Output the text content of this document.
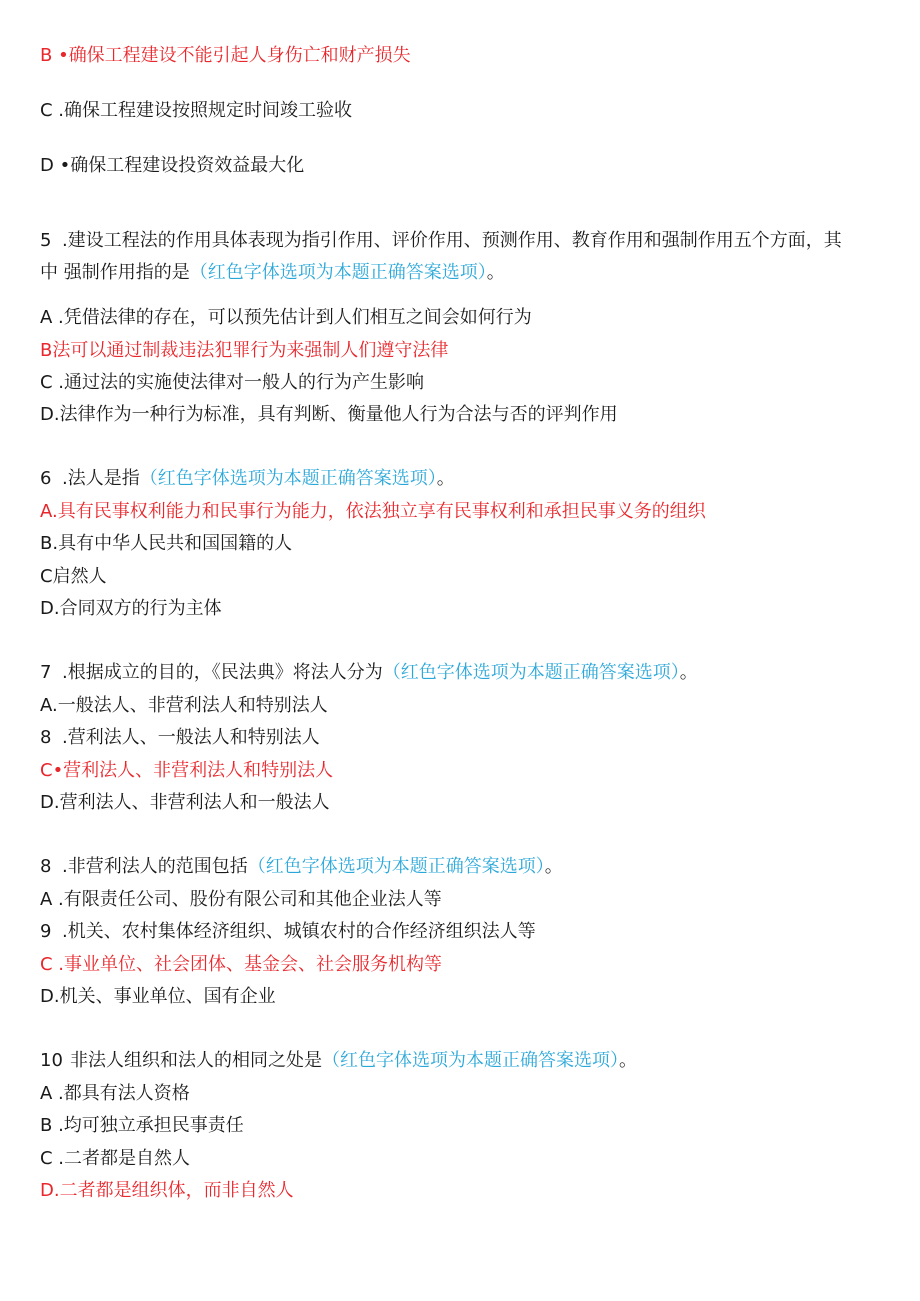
B •确保工程建设不能引起人身伤亡和财产损失
C .确保工程建设按照规定时间竣工验收
D •确保工程建设投资效益最大化
5 .建设工程法的作用具体表现为指引作用、评价作用、预测作用、教育作用和强制作用五个方面，其
中 强制作用指的是（红色字体选项为本题正确答案选项）。
A .凭借法律的存在，可以预先估计到人们相互之间会如何行为
B法可以通过制裁违法犯罪行为来强制人们遵守法律
C .通过法的实施使法律对一般人的行为产生影响
D.法律作为一种行为标准，具有判断、衡量他人行为合法与否的评判作用
6 .法人是指（红色字体选项为本题正确答案选项）。
A.具有民事权利能力和民事行为能力，依法独立享有民事权利和承担民事义务的组织
B.具有中华人民共和国国籍的人
C启然人
D.合同双方的行为主体
7 .根据成立的目的，《民法典》将法人分为（红色字体选项为本题正确答案选项）。
A.一般法人、非营利法人和特别法人
8 .营利法人、一般法人和特别法人
C•营利法人、非营利法人和特别法人
D.营利法人、非营利法人和一般法人
8 .非营利法人的范围包括（红色字体选项为本题正确答案选项）。
A .有限责任公司、股份有限公司和其他企业法人等
9 .机关、农村集体经济组织、城镇农村的合作经济组织法人等
C .事业单位、社会团体、基金会、社会服务机构等
D.机关、事业单位、国有企业
10 非法人组织和法人的相同之处是（红色字体选项为本题正确答案选项）。
A .都具有法人资格
B .均可独立承担民事责任
C .二者都是自然人
D.二者都是组织体，而非自然人
